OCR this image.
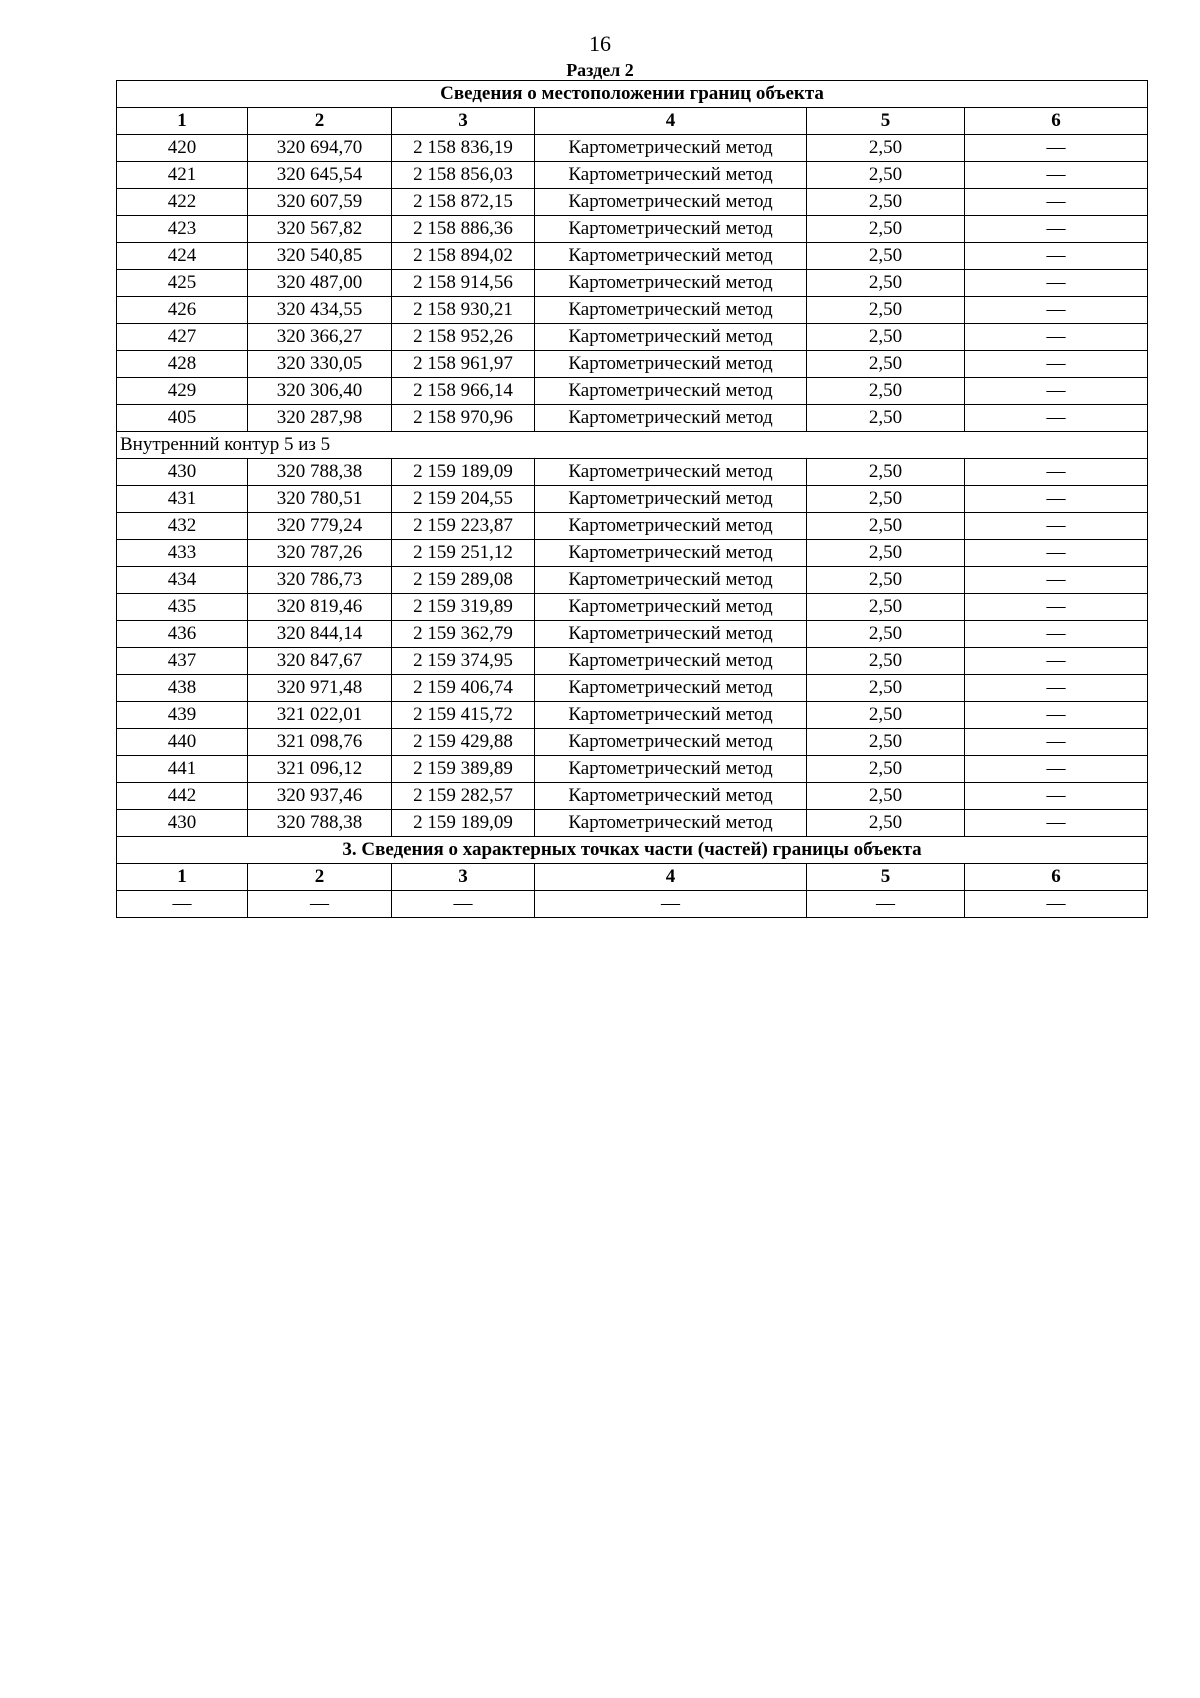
16
Раздел 2
Сведения о местоположении границ объекта					
1	2	3	4	5	6
420	320 694,70	2 158 836,19	Картометрический метод	2,50	—
421	320 645,54	2 158 856,03	Картометрический метод	2,50	—
422	320 607,59	2 158 872,15	Картометрический метод	2,50	—
423	320 567,82	2 158 886,36	Картометрический метод	2,50	—
424	320 540,85	2 158 894,02	Картометрический метод	2,50	—
425	320 487,00	2 158 914,56	Картометрический метод	2,50	—
426	320 434,55	2 158 930,21	Картометрический метод	2,50	—
427	320 366,27	2 158 952,26	Картометрический метод	2,50	—
428	320 330,05	2 158 961,97	Картометрический метод	2,50	—
429	320 306,40	2 158 966,14	Картометрический метод	2,50	—
405	320 287,98	2 158 970,96	Картометрический метод	2,50	—
Внутренний контур 5 из 5					
430	320 788,38	2 159 189,09	Картометрический метод	2,50	—
431	320 780,51	2 159 204,55	Картометрический метод	2,50	—
432	320 779,24	2 159 223,87	Картометрический метод	2,50	—
433	320 787,26	2 159 251,12	Картометрический метод	2,50	—
434	320 786,73	2 159 289,08	Картометрический метод	2,50	—
435	320 819,46	2 159 319,89	Картометрический метод	2,50	—
436	320 844,14	2 159 362,79	Картометрический метод	2,50	—
437	320 847,67	2 159 374,95	Картометрический метод	2,50	—
438	320 971,48	2 159 406,74	Картометрический метод	2,50	—
439	321 022,01	2 159 415,72	Картометрический метод	2,50	—
440	321 098,76	2 159 429,88	Картометрический метод	2,50	—
441	321 096,12	2 159 389,89	Картометрический метод	2,50	—
442	320 937,46	2 159 282,57	Картометрический метод	2,50	—
430	320 788,38	2 159 189,09	Картометрический метод	2,50	—
3. Сведения о характерных точках части (частей) границы объекта					
1	2	3	4	5	6
—	—	—	—	—	—
